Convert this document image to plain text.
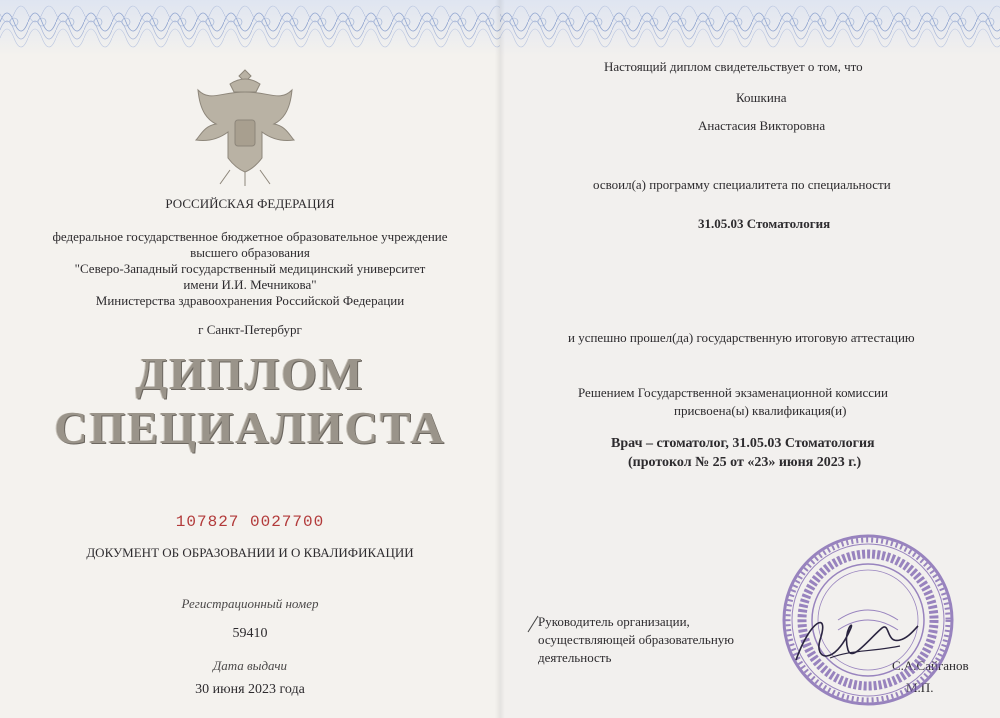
РОССИЙСКАЯ ФЕДЕРАЦИЯ

федеральное государственное бюджетное образовательное учреждение

высшего образования

"Северо-Западный государственный медицинский университет

имени И.И. Мечникова"

Министерства здравоохранения Российской Федерации

г Санкт-Петербург

ДИПЛОМ

СПЕЦИАЛИСТА

107827 0027700

ДОКУМЕНТ ОБ ОБРАЗОВАНИИ И О КВАЛИФИКАЦИИ

Регистрационный номер

59410

Дата выдачи

30 июня 2023 года

Настоящий диплом свидетельствует о том, что

Кошкина

Анастасия Викторовна

освоил(а) программу специалитета по специальности

31.05.03 Стоматология

и успешно прошел(да) государственную итоговую аттестацию

Решением Государственной экзаменационной комиссии

присвоена(ы) квалификация(и)

Врач – стоматолог, 31.05.03 Стоматология

(протокол № 25 от «23» июня 2023 г.)

Руководитель организации,

осуществляющей образовательную

деятельность

С.А.Сайганов

М.П.
